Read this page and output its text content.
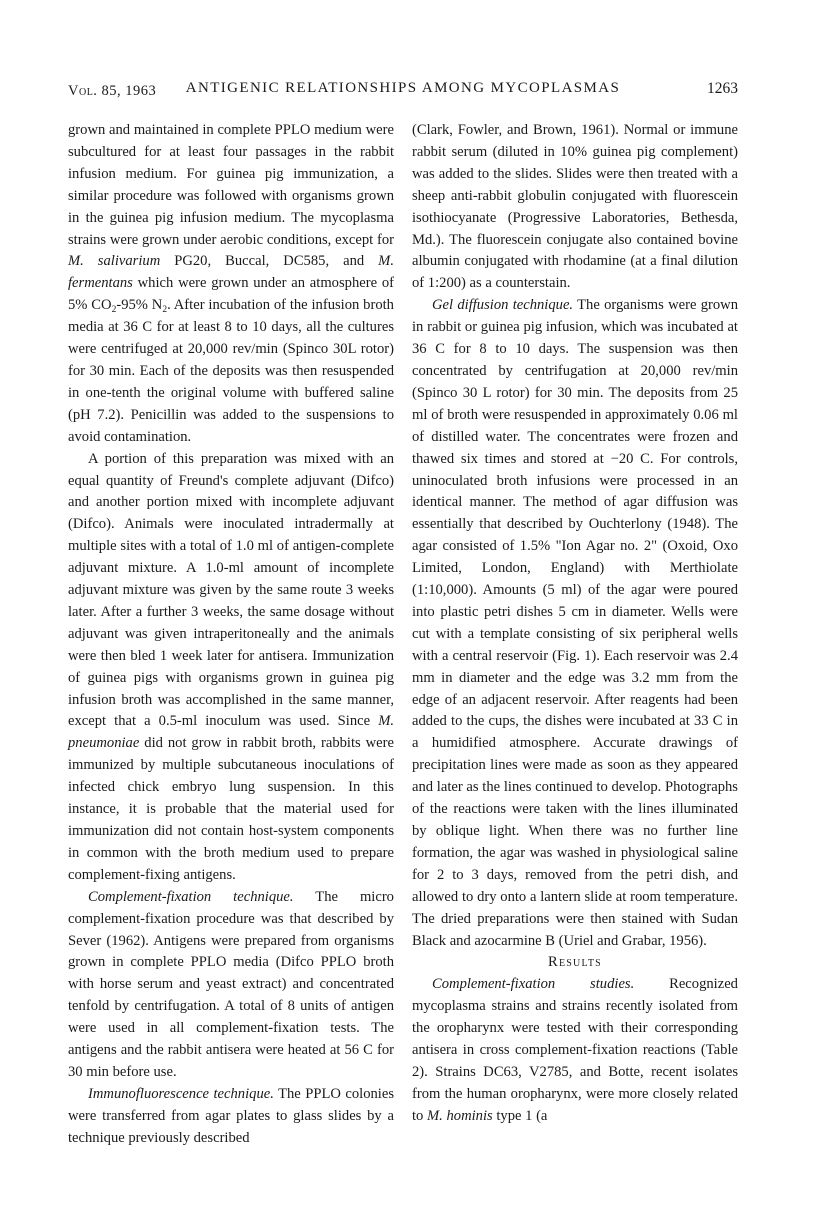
Vol. 85, 1963	ANTIGENIC RELATIONSHIPS AMONG MYCOPLASMAS	1263

grown and maintained in complete PPLO medium were subcultured for at least four passages in the rabbit infusion medium. For guinea pig immunization, a similar procedure was followed with organisms grown in the guinea pig infusion medium. The mycoplasma strains were grown under aerobic conditions, except for M. salivarium PG20, Buccal, DC585, and M. fermentans which were grown under an atmosphere of 5% $CO_2-95\%$ $N_2$. After incubation of the infusion broth media at 36 C for at least 8 to 10 days, all the cultures were centrifuged at 20,000 rev/min (Spinco 30L rotor) for 30 min. Each of the deposits was then resuspended in one-tenth the original volume with buffered saline (pH 7.2). Penicillin was added to the suspensions to avoid contamination.

A portion of this preparation was mixed with an equal quantity of Freund's complete adjuvant (Difco) and another portion mixed with incomplete adjuvant (Difco). Animals were inoculated intradermally at multiple sites with a total of 1.0 ml of antigen-complete adjuvant mixture. A 1.0-ml amount of incomplete adjuvant mixture was given by the same route 3 weeks later. After a further 3 weeks, the same dosage without adjuvant was given intraperitoneally and the animals were then bled 1 week later for antisera. Immunization of guinea pigs with organisms grown in guinea pig infusion broth was accomplished in the same manner, except that a 0.5-ml inoculum was used. Since M. pneumoniae did not grow in rabbit broth, rabbits were immunized by multiple subcutaneous inoculations of infected chick embryo lung suspension. In this instance, it is probable that the material used for immunization did not contain host-system components in common with the broth medium used to prepare complement-fixing antigens.

Complement-fixation technique. The micro complement-fixation procedure was that described by Sever (1962). Antigens were prepared from organisms grown in complete PPLO media (Difco PPLO broth with horse serum and yeast extract) and concentrated tenfold by centrifugation. A total of 8 units of antigen were used in all complement-fixation tests. The antigens and the rabbit antisera were heated at 56 C for 30 min before use.

Immunofluorescence technique. The PPLO colonies were transferred from agar plates to glass slides by a technique previously described

(Clark, Fowler, and Brown, 1961). Normal or immune rabbit serum (diluted in 10% guinea pig complement) was added to the slides. Slides were then treated with a sheep anti-rabbit globulin conjugated with fluorescein isothiocyanate (Progressive Laboratories, Bethesda, Md.). The fluorescein conjugate also contained bovine albumin conjugated with rhodamine (at a final dilution of 1:200) as a counterstain.

Gel diffusion technique. The organisms were grown in rabbit or guinea pig infusion, which was incubated at 36 C for 8 to 10 days. The suspension was then concentrated by centrifugation at 20,000 rev/min (Spinco 30 L rotor) for 30 min. The deposits from 25 ml of broth were resuspended in approximately 0.06 ml of distilled water. The concentrates were frozen and thawed six times and stored at −20 C. For controls, uninoculated broth infusions were processed in an identical manner. The method of agar diffusion was essentially that described by Ouchterlony (1948). The agar consisted of 1.5% "Ion Agar no. 2" (Oxoid, Oxo Limited, London, England) with Merthiolate (1:10,000). Amounts (5 ml) of the agar were poured into plastic petri dishes 5 cm in diameter. Wells were cut with a template consisting of six peripheral wells with a central reservoir (Fig. 1). Each reservoir was 2.4 mm in diameter and the edge was 3.2 mm from the edge of an adjacent reservoir. After reagents had been added to the cups, the dishes were incubated at 33 C in a humidified atmosphere. Accurate drawings of precipitation lines were made as soon as they appeared and later as the lines continued to develop. Photographs of the reactions were taken with the lines illuminated by oblique light. When there was no further line formation, the agar was washed in physiological saline for 2 to 3 days, removed from the petri dish, and allowed to dry onto a lantern slide at room temperature. The dried preparations were then stained with Sudan Black and azocarmine B (Uriel and Grabar, 1956).

Results

Complement-fixation studies. Recognized mycoplasma strains and strains recently isolated from the oropharynx were tested with their corresponding antisera in cross complement-fixation reactions (Table 2). Strains DC63, V2785, and Botte, recent isolates from the human oropharynx, were more closely related to M. hominis type 1 (a
